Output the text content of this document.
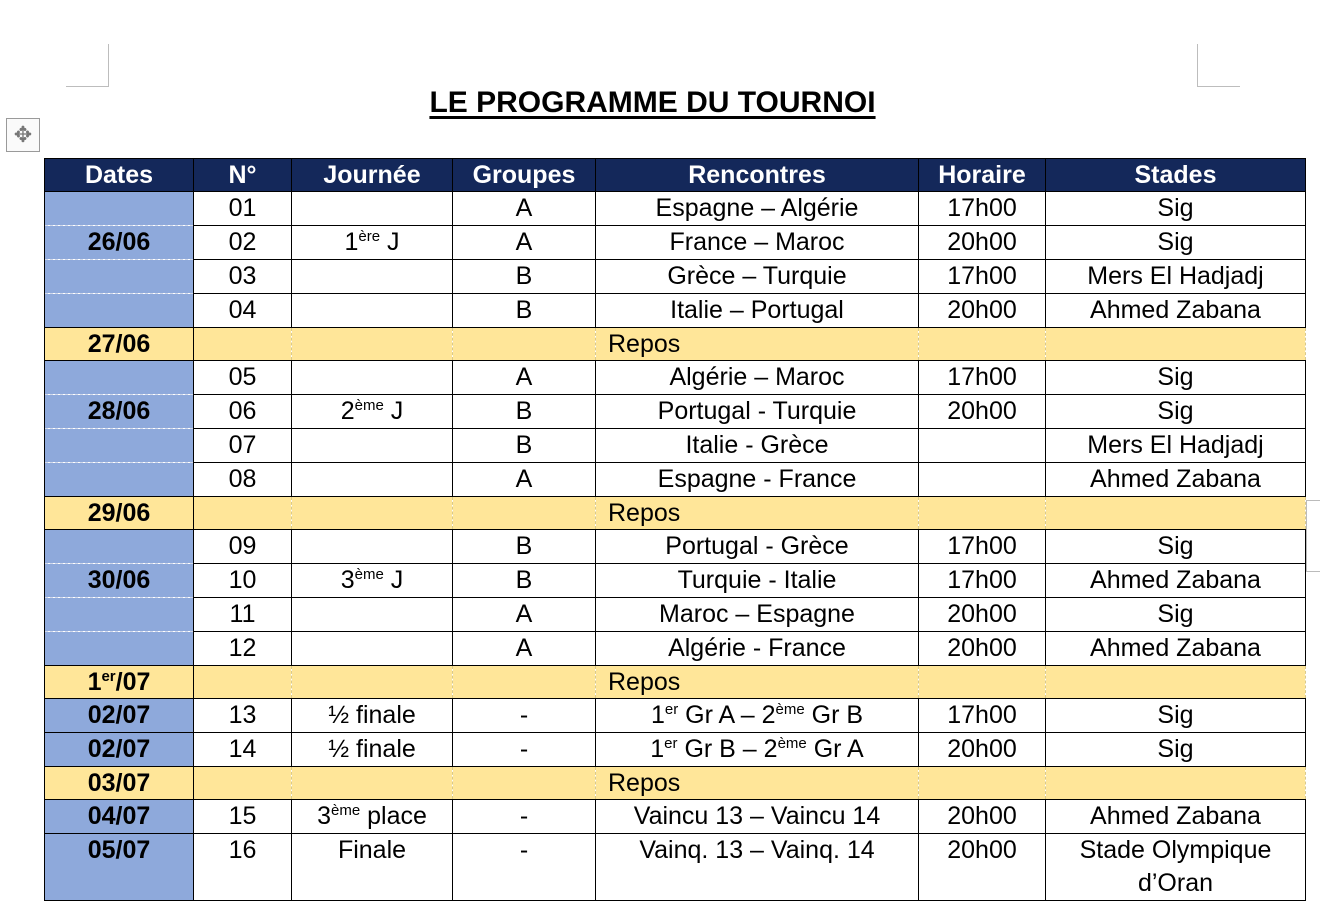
✥
LE PROGRAMME DU TOURNOI
Dates	N°	Journée	Groupes	Rencontres	Horaire	Stades
	01		A	Espagne – Algérie	17h00	Sig
26/06	02	1ère J	A	France – Maroc	20h00	Sig
	03		B	Grèce – Turquie	17h00	Mers El Hadjadj
	04		B	Italie – Portugal	20h00	Ahmed Zabana
27/06				Repos		
	05		A	Algérie – Maroc	17h00	Sig
28/06	06	2ème J	B	Portugal - Turquie	20h00	Sig
	07		B	Italie - Grèce		Mers El Hadjadj
	08		A	Espagne - France		Ahmed Zabana
29/06				Repos		
	09		B	Portugal - Grèce	17h00	Sig
30/06	10	3ème J	B	Turquie - Italie	17h00	Ahmed Zabana
	11		A	Maroc – Espagne	20h00	Sig
	12		A	Algérie - France	20h00	Ahmed Zabana
1er/07				Repos		
02/07	13	½ finale	-	1er Gr A – 2ème Gr B	17h00	Sig
02/07	14	½ finale	-	1er Gr B – 2ème Gr A	20h00	Sig
03/07				Repos		
04/07	15	3ème place	-	Vaincu 13 – Vaincu 14	20h00	Ahmed Zabana
05/07	16	Finale	-	Vainq. 13 – Vainq. 14	20h00	Stade Olympique
d’Oran
